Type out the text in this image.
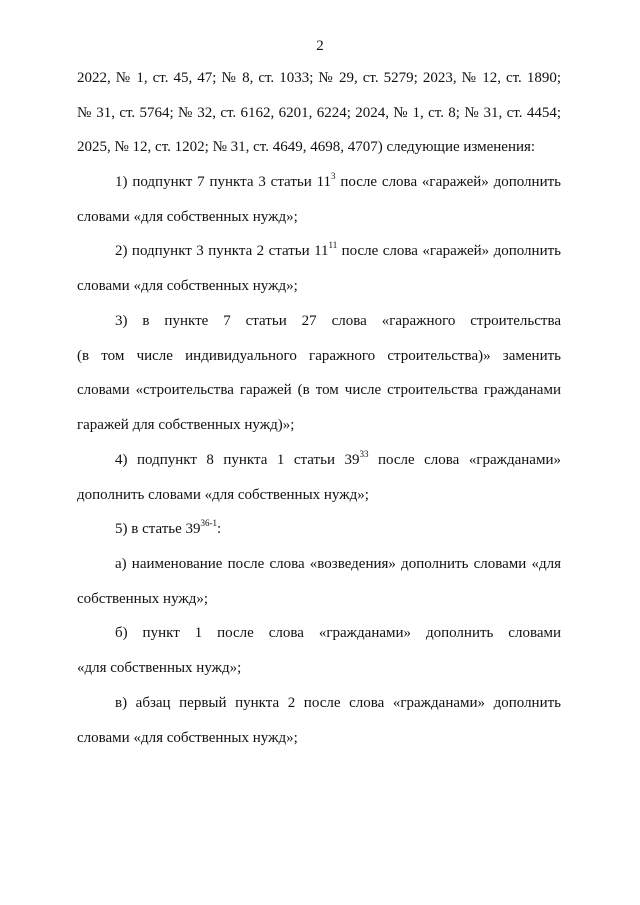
2
2022, № 1, ст. 45, 47; № 8, ст. 1033; № 29, ст. 5279; 2023, № 12, ст. 1890;
№ 31, ст. 5764; № 32, ст. 6162, 6201, 6224; 2024, № 1, ст. 8; № 31, ст. 4454;
2025, № 12, ст. 1202; № 31, ст. 4649, 4698, 4707) следующие изменения:
1) подпункт 7 пункта 3 статьи $11^3$ после слова «гаражей» дополнить
словами «для собственных нужд»;
2) подпункт 3 пункта 2 статьи $11^{11}$ после слова «гаражей» дополнить
словами «для собственных нужд»;
3) в пункте 7 статьи 27 слова «гаражного строительства
(в том числе индивидуального гаражного строительства)» заменить
словами «строительства гаражей (в том числе строительства гражданами
гаражей для собственных нужд)»;
4) подпункт 8 пункта 1 статьи $39^{33}$ после слова «гражданами»
дополнить словами «для собственных нужд»;
5) в статье 39$^{36-1}$:
а) наименование после слова «возведения» дополнить словами «для
собственных нужд»;
б) пункт 1 после слова «гражданами» дополнить словами
«для собственных нужд»;
в) абзац первый пункта 2 после слова «гражданами» дополнить
словами «для собственных нужд»;
